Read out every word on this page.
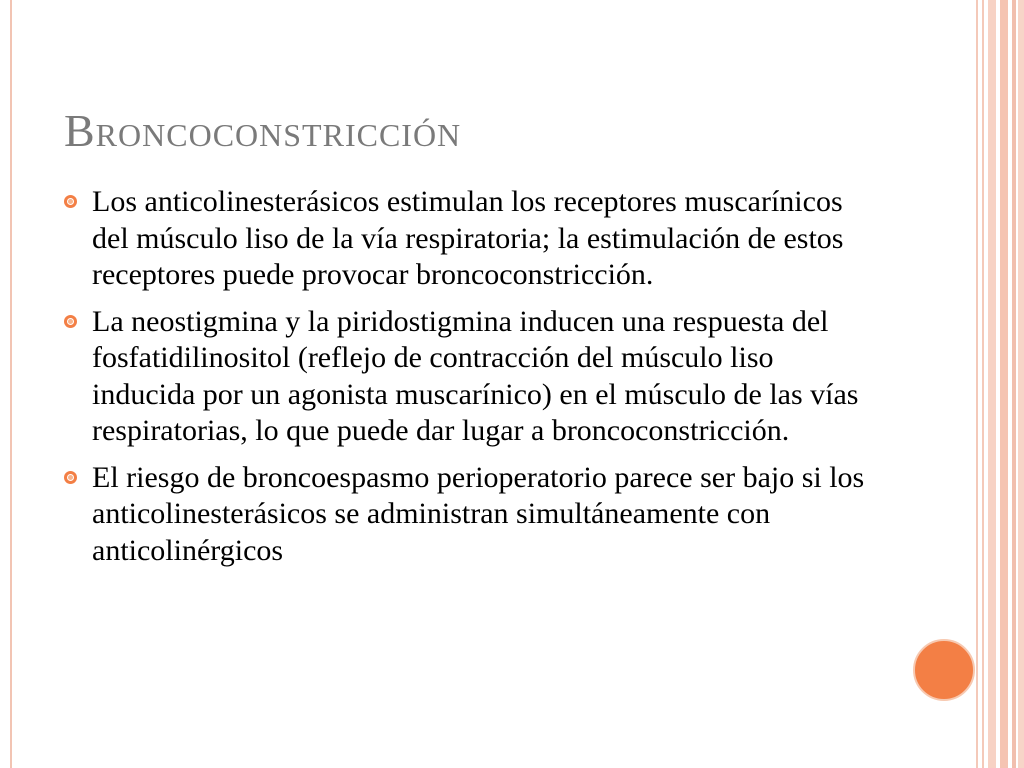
Broncoconstricción
Los anticolinesterásicos estimulan los receptores muscarínicos del músculo liso de la vía respiratoria; la estimulación de estos receptores puede provocar broncoconstricción.
La neostigmina y la piridostigmina inducen una respuesta del fosfatidilinositol (reflejo de contracción del músculo liso inducida por un agonista muscarínico) en el músculo de las vías respiratorias, lo que puede dar lugar a broncoconstricción.
El riesgo de broncoespasmo perioperatorio parece ser bajo si los anticolinesterásicos se administran simultáneamente con anticolinérgicos
